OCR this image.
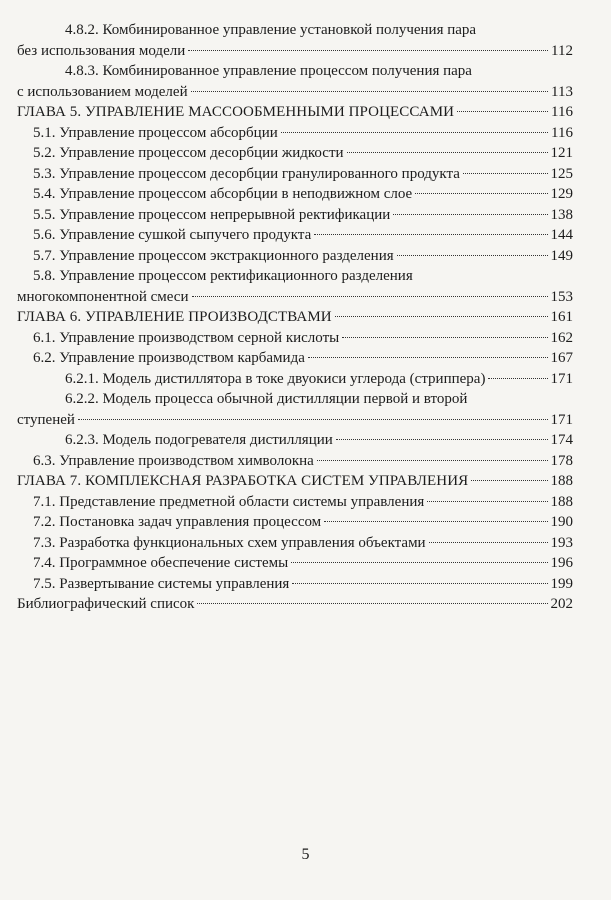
4.8.2. Комбинированное управление установкой получения пара
без использования модели	112
4.8.3. Комбинированное управление процессом получения пара
с использованием моделей	113
ГЛАВА 5. УПРАВЛЕНИЕ МАССООБМЕННЫМИ ПРОЦЕССАМИ	116
5.1. Управление процессом абсорбции	116
5.2. Управление процессом десорбции жидкости	121
5.3. Управление процессом десорбции гранулированного продукта	125
5.4. Управление процессом абсорбции в неподвижном слое	129
5.5. Управление процессом непрерывной ректификации	138
5.6. Управление сушкой сыпучего продукта	144
5.7. Управление процессом экстракционного разделения	149
5.8. Управление процессом ректификационного разделения
многокомпонентной смеси	153
ГЛАВА 6. УПРАВЛЕНИЕ ПРОИЗВОДСТВАМИ	161
6.1. Управление производством серной кислоты	162
6.2. Управление производством карбамида	167
6.2.1. Модель дистиллятора в токе двуокиси углерода (стриппера)	171
6.2.2. Модель процесса обычной дистилляции первой и второй
ступеней	171
6.2.3. Модель подогревателя дистилляции	174
6.3. Управление производством химволокна	178
ГЛАВА 7. КОМПЛЕКСНАЯ РАЗРАБОТКА СИСТЕМ УПРАВЛЕНИЯ	188
7.1. Представление предметной области системы управления	188
7.2. Постановка задач управления процессом	190
7.3. Разработка функциональных схем управления объектами	193
7.4. Программное обеспечение системы	196
7.5. Развертывание системы управления	199
Библиографический список	202
5
